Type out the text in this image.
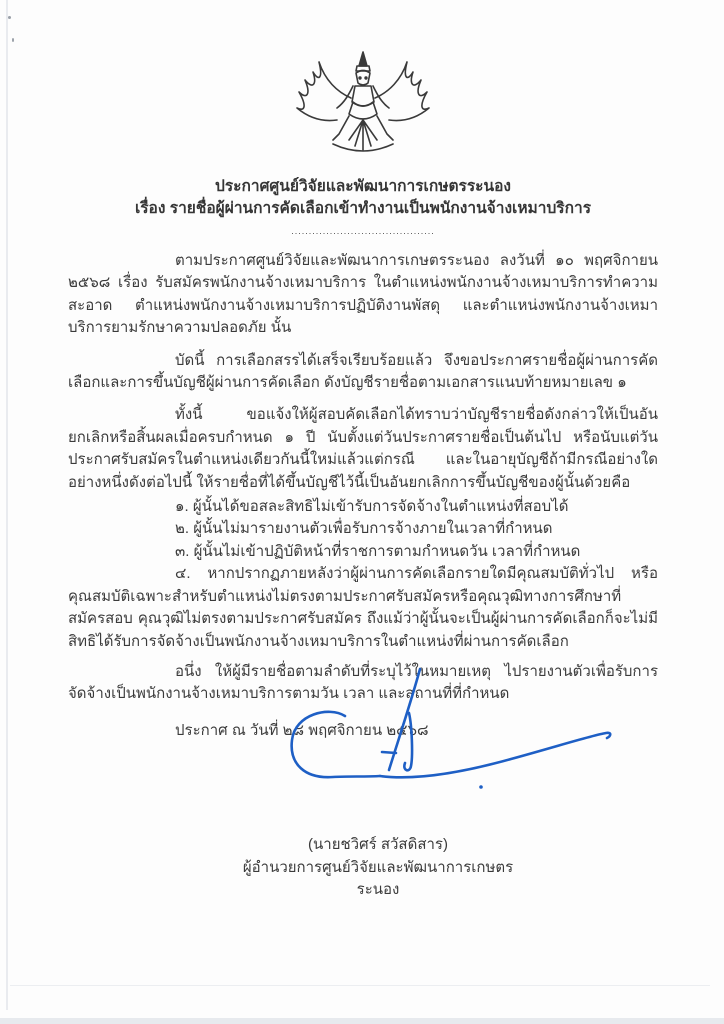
ประกาศศูนย์วิจัยและพัฒนาการเกษตรระนอง
เรื่อง รายชื่อผู้ผ่านการคัดเลือกเข้าทำงานเป็นพนักงานจ้างเหมาบริการ
.........................................

ตามประกาศศูนย์วิจัยและพัฒนาการเกษตรระนอง ลงวันที่ ๑๐ พฤศจิกายน ๒๕๖๘ เรื่อง รับสมัครพนักงานจ้างเหมาบริการ ในตำแหน่งพนักงานจ้างเหมาบริการทำความสะอาด ตำแหน่งพนักงานจ้างเหมาบริการปฏิบัติงานพัสดุ และตำแหน่งพนักงานจ้างเหมาบริการยามรักษาความปลอดภัย นั้น

บัดนี้ การเลือกสรรได้เสร็จเรียบร้อยแล้ว จึงขอประกาศรายชื่อผู้ผ่านการคัดเลือกและการขึ้นบัญชีผู้ผ่านการคัดเลือก ดังบัญชีรายชื่อตามเอกสารแนบท้ายหมายเลข ๑

ทั้งนี้ ขอแจ้งให้ผู้สอบคัดเลือกได้ทราบว่าบัญชีรายชื่อดังกล่าวให้เป็นอันยกเลิกหรือสิ้นผลเมื่อครบกำหนด ๑ ปี นับตั้งแต่วันประกาศรายชื่อเป็นต้นไป หรือนับแต่วันประกาศรับสมัครในตำแหน่งเดียวกันนี้ใหม่แล้วแต่กรณี และในอายุบัญชีถ้ามีกรณีอย่างใดอย่างหนึ่งดังต่อไปนี้ ให้รายชื่อที่ได้ขึ้นบัญชีไว้นี้เป็นอันยกเลิกการขึ้นบัญชีของผู้นั้นด้วยคือ

๑. ผู้นั้นได้ขอสละสิทธิไม่เข้ารับการจัดจ้างในตำแหน่งที่สอบได้
๒. ผู้นั้นไม่มารายงานตัวเพื่อรับการจ้างภายในเวลาที่กำหนด
๓. ผู้นั้นไม่เข้าปฏิบัติหน้าที่ราชการตามกำหนดวัน เวลาที่กำหนด

๔. หากปรากฏภายหลังว่าผู้ผ่านการคัดเลือกรายใดมีคุณสมบัติทั่วไป หรือคุณสมบัติเฉพาะสำหรับตำแหน่งไม่ตรงตามประกาศรับสมัครหรือคุณวุฒิทางการศึกษาที่สมัครสอบ คุณวุฒิไม่ตรงตามประกาศรับสมัคร ถึงแม้ว่าผู้นั้นจะเป็นผู้ผ่านการคัดเลือกก็จะไม่มีสิทธิได้รับการจัดจ้างเป็นพนักงานจ้างเหมาบริการในตำแหน่งที่ผ่านการคัดเลือก

อนึ่ง ให้ผู้มีรายชื่อตามลำดับที่ระบุไว้ในหมายเหตุ ไปรายงานตัวเพื่อรับการจัดจ้างเป็นพนักงานจ้างเหมาบริการตามวัน เวลา และสถานที่ที่กำหนด

ประกาศ ณ วันที่ ๒๘ พฤศจิกายน ๒๕๖๘
(นายชวิศร์ สวัสดิสาร)
ผู้อำนวยการศูนย์วิจัยและพัฒนาการเกษตรระนอง
